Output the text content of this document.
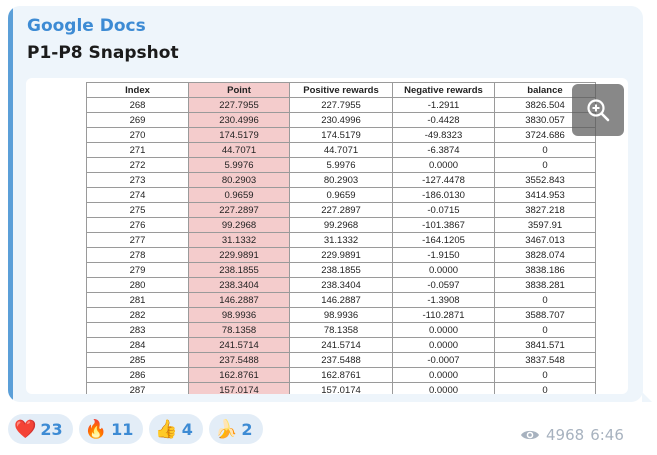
Google Docs
P1-P8 Snapshot
Index	Point	Positive rewards	Negative rewards	balance
268	227.7955	227.7955	-1.2911	3826.504
269	230.4996	230.4996	-0.4428	3830.057
270	174.5179	174.5179	-49.8323	3724.686
271	44.7071	44.7071	-6.3874	0
272	5.9976	5.9976	0.0000	0
273	80.2903	80.2903	-127.4478	3552.843
274	0.9659	0.9659	-186.0130	3414.953
275	227.2897	227.2897	-0.0715	3827.218
276	99.2968	99.2968	-101.3867	3597.91
277	31.1332	31.1332	-164.1205	3467.013
278	229.9891	229.9891	-1.9150	3828.074
279	238.1855	238.1855	0.0000	3838.186
280	238.3404	238.3404	-0.0597	3838.281
281	146.2887	146.2887	-1.3908	0
282	98.9936	98.9936	-110.2871	3588.707
283	78.1358	78.1358	0.0000	0
284	241.5714	241.5714	0.0000	3841.571
285	237.5488	237.5488	-0.0007	3837.548
286	162.8761	162.8761	0.0000	0
287	157.0174	157.0174	0.0000	0
❤️ 23 🔥 11 👍 4 🍌 2	4968 6:46
